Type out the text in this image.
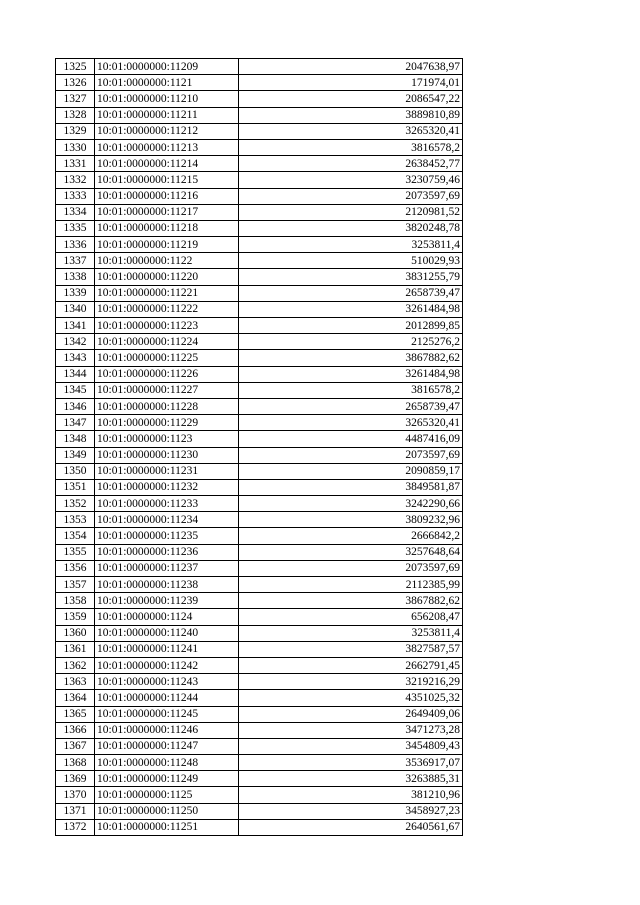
1325	10:01:0000000:11209	2047638,97
1326	10:01:0000000:1121	171974,01
1327	10:01:0000000:11210	2086547,22
1328	10:01:0000000:11211	3889810,89
1329	10:01:0000000:11212	3265320,41
1330	10:01:0000000:11213	3816578,2
1331	10:01:0000000:11214	2638452,77
1332	10:01:0000000:11215	3230759,46
1333	10:01:0000000:11216	2073597,69
1334	10:01:0000000:11217	2120981,52
1335	10:01:0000000:11218	3820248,78
1336	10:01:0000000:11219	3253811,4
1337	10:01:0000000:1122	510029,93
1338	10:01:0000000:11220	3831255,79
1339	10:01:0000000:11221	2658739,47
1340	10:01:0000000:11222	3261484,98
1341	10:01:0000000:11223	2012899,85
1342	10:01:0000000:11224	2125276,2
1343	10:01:0000000:11225	3867882,62
1344	10:01:0000000:11226	3261484,98
1345	10:01:0000000:11227	3816578,2
1346	10:01:0000000:11228	2658739,47
1347	10:01:0000000:11229	3265320,41
1348	10:01:0000000:1123	4487416,09
1349	10:01:0000000:11230	2073597,69
1350	10:01:0000000:11231	2090859,17
1351	10:01:0000000:11232	3849581,87
1352	10:01:0000000:11233	3242290,66
1353	10:01:0000000:11234	3809232,96
1354	10:01:0000000:11235	2666842,2
1355	10:01:0000000:11236	3257648,64
1356	10:01:0000000:11237	2073597,69
1357	10:01:0000000:11238	2112385,99
1358	10:01:0000000:11239	3867882,62
1359	10:01:0000000:1124	656208,47
1360	10:01:0000000:11240	3253811,4
1361	10:01:0000000:11241	3827587,57
1362	10:01:0000000:11242	2662791,45
1363	10:01:0000000:11243	3219216,29
1364	10:01:0000000:11244	4351025,32
1365	10:01:0000000:11245	2649409,06
1366	10:01:0000000:11246	3471273,28
1367	10:01:0000000:11247	3454809,43
1368	10:01:0000000:11248	3536917,07
1369	10:01:0000000:11249	3263885,31
1370	10:01:0000000:1125	381210,96
1371	10:01:0000000:11250	3458927,23
1372	10:01:0000000:11251	2640561,67
